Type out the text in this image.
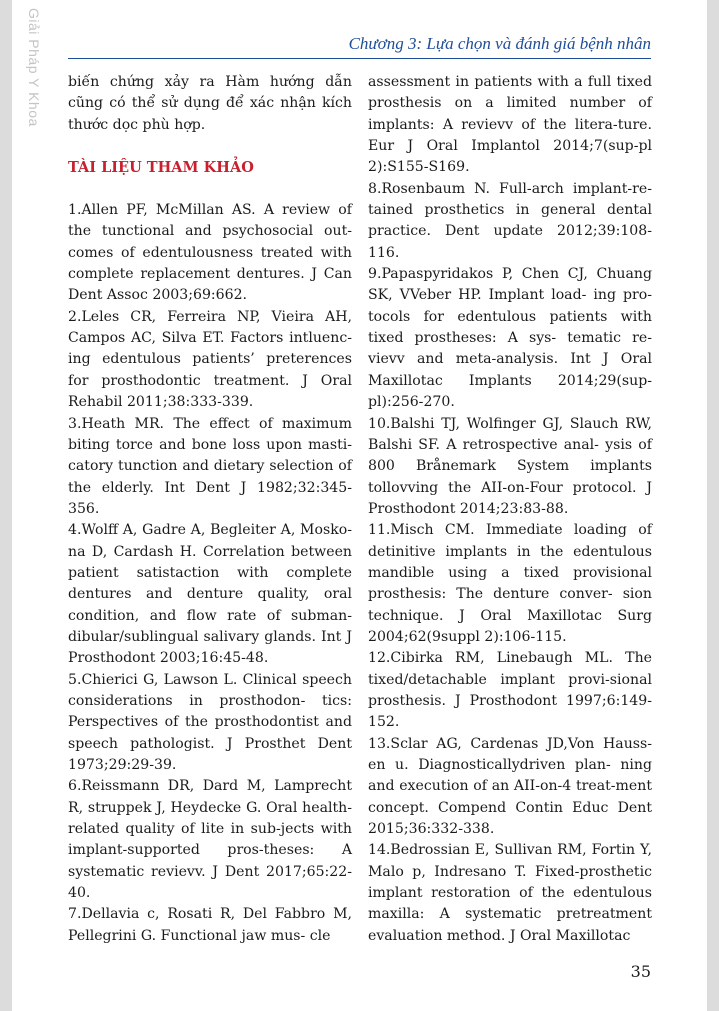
Giải Pháp Y Khoa	Chương 3: Lựa chọn và đánh giá bệnh nhân

biến chứng xảy ra Hàm hướng dẫn cũng có thể sử dụng để xác nhận kích thước dọc phù hợp.

TÀI LIỆU THAM KHẢO

1.Allen PF, McMillan AS. A review of the tunctional and psychosocial out-comes of edentulousness treated with complete replacement dentures. J Can Dent Assoc 2003;69:662.

2.Leles CR, Ferreira NP, Vieira AH, Campos AC, Silva ET. Factors intluenc-ing edentulous patients’ preterences for prosthodontic treatment. J Oral Rehabil 2011;38:333-339.

3.Heath MR. The effect of maximum biting torce and bone loss upon masti-catory tunction and dietary selection of the elderly. Int Dent J 1982;32:345-356.

4.Wolff A, Gadre A, Begleiter A, Mosko-na D, Cardash H. Correlation between patient satistaction with complete dentures and denture quality, oral condition, and flow rate of subman-dibular/sublingual salivary glands. Int J Prosthodont 2003;16:45-48.

5.Chierici G, Lawson L. Clinical speech considerations in prosthodon- tics: Perspectives of the prosthodontist and speech pathologist. J Prosthet Dent 1973;29:29-39.

6.Reissmann DR, Dard M, Lamprecht R, struppek J, Heydecke G. Oral health-related quality of lite in sub-jects with implant-supported pros-theses: A systematic revievv. J Dent 2017;65:22-40.

7.Dellavia c, Rosati R, Del Fabbro M, Pellegrini G. Functional jaw mus- cle

assessment in patients with a full tixed prosthesis on a limited number of implants: A revievv of the litera-ture. Eur J Oral Implantol 2014;7(sup-pl 2):S155-S169.

8.Rosenbaum N. Full-arch implant-re-tained prosthetics in general dental practice. Dent update 2012;39:108-116.

9.Papaspyridakos P, Chen CJ, Chuang SK, VVeber HP. Implant load- ing pro-tocols for edentulous patients with tixed prostheses: A sys- tematic re-vievv and meta-analysis. Int J Oral Maxillotac Implants 2014;29(sup-pl):256-270.

10.Balshi TJ, Wolfinger GJ, Slauch RW, Balshi SF. A retrospective anal- ysis of 800 Brånemark System implants tollovving the AII-on-Four protocol. J Prosthodont 2014;23:83-88.

11.Misch CM. Immediate loading of detinitive implants in the edentulous mandible using a tixed provisional prosthesis: The denture conver- sion technique. J Oral Maxillotac Surg 2004;62(9suppl 2):106-115.

12.Cibirka RM, Linebaugh ML. The tixed/detachable implant provi-sional prosthesis. J Prosthodont 1997;6:149-152.

13.Sclar AG, Cardenas JD,Von Hauss-en u. Diagnosticallydriven plan- ning and execution of an AII-on-4 treat-ment concept. Compend Contin Educ Dent 2015;36:332-338.

14.Bedrossian E, Sullivan RM, Fortin Y, Malo p, Indresano T. Fixed-prosthetic implant restoration of the edentulous maxilla: A systematic pretreatment evaluation method. J Oral Maxillotac

35
